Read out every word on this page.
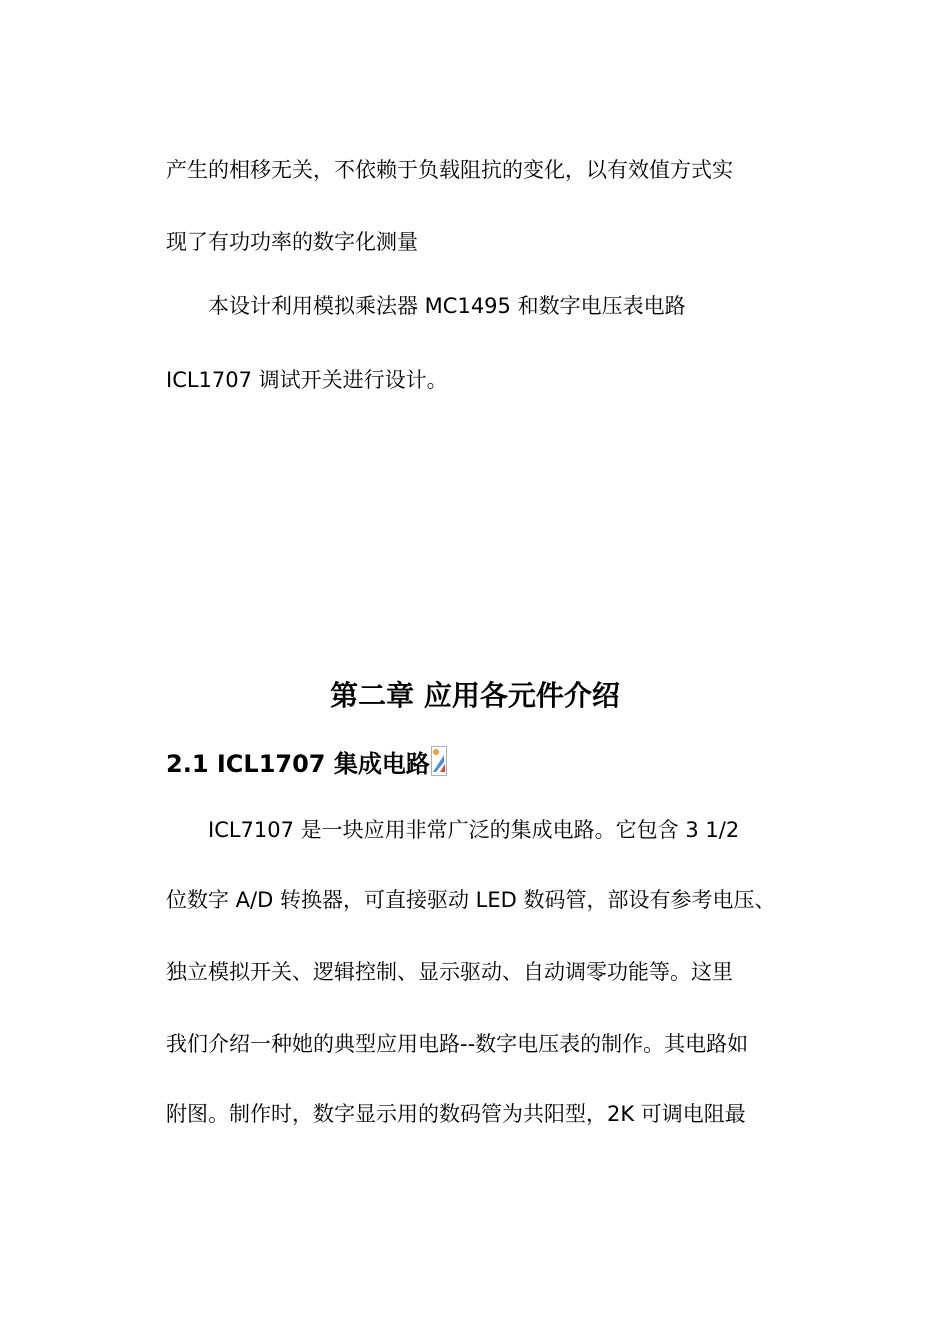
产生的相移无关，不依赖于负载阻抗的变化，以有效值方式实
现了有功功率的数字化测量
本设计利用模拟乘法器 MC1495 和数字电压表电路
ICL1707 调试开关进行设计。
第二章 应用各元件介绍
2.1 ICL1707 集成电路
ICL7107 是一块应用非常广泛的集成电路。它包含 3 1/2
位数字 A/D 转换器，可直接驱动 LED 数码管，部设有参考电压、
独立模拟开关、逻辑控制、显示驱动、自动调零功能等。这里
我们介绍一种她的典型应用电路--数字电压表的制作。其电路如
附图。制作时，数字显示用的数码管为共阳型，2K 可调电阻最
